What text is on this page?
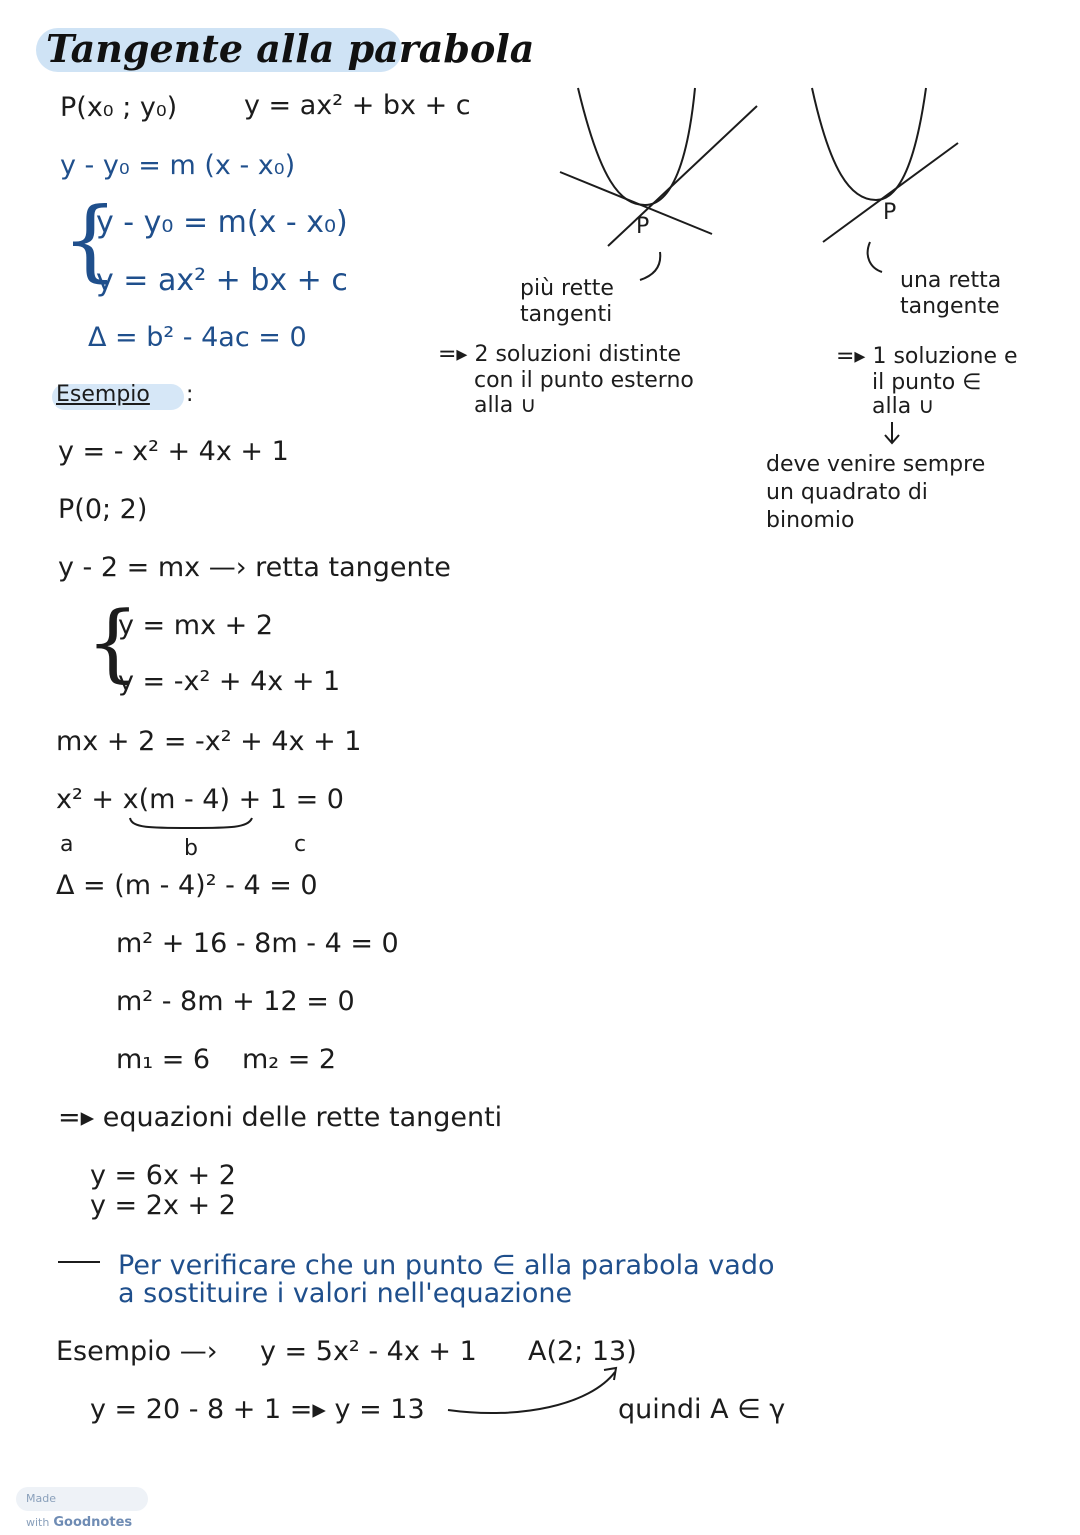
Tangente alla parabola
P(x₀ ; y₀) y = ax² + bx + c
y - y₀ = m (x - x₀)
{
y - y₀ = m(x - x₀)
y = ax² + bx + c
Δ = b² - 4ac = 0
P
P
più rette
tangenti
=▸ 2 soluzioni distinte
con il punto esterno
alla ∪
una retta
tangente
=▸ 1 soluzione e
il punto ∈
alla ∪
deve venire sempre
un quadrato di
binomio
Esempio :
y = - x² + 4x + 1
P(0; 2)
y - 2 = mx —› retta tangente
{
y = mx + 2
y = -x² + 4x + 1
mx + 2 = -x² + 4x + 1
x² + x(m - 4) + 1 = 0
a	b	c
Δ = (m - 4)² - 4 = 0
m² + 16 - 8m - 4 = 0
m² - 8m + 12 = 0
m₁ = 6 m₂ = 2
=▸ equazioni delle rette tangenti
y = 6x + 2
y = 2x + 2
Per verificare che un punto ∈ alla parabola vado
a sostituire i valori nell'equazione
Esempio —› y = 5x² - 4x + 1 A(2; 13)
y = 20 - 8 + 1 =▸ y = 13	quindi A ∈ γ
Made with Goodnotes
